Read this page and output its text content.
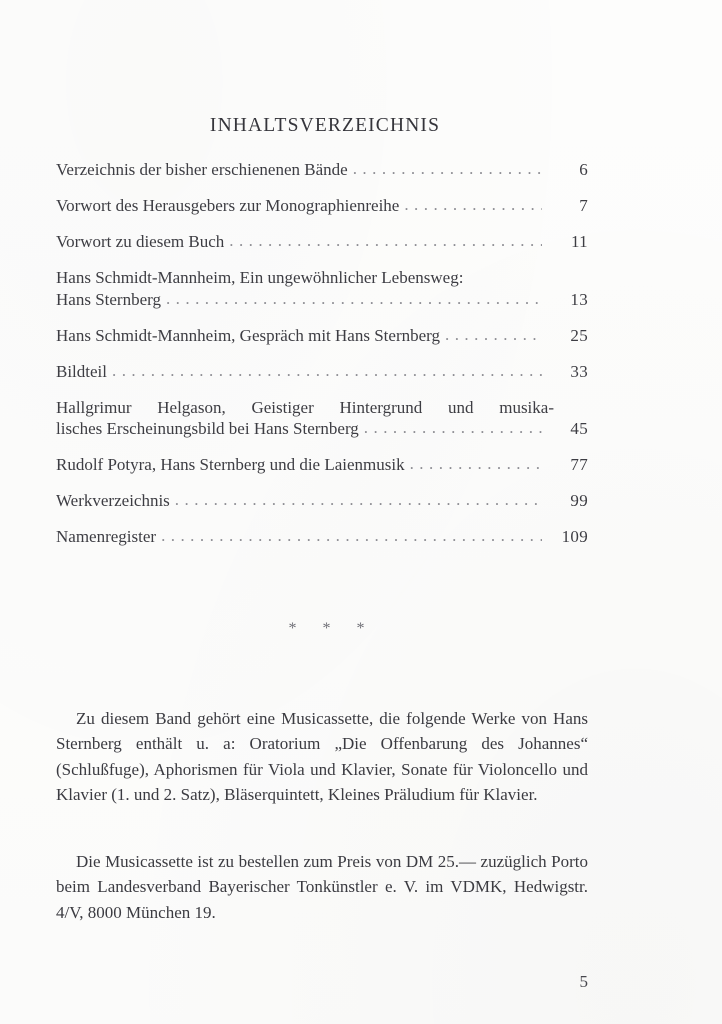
INHALTSVERZEICHNIS
Verzeichnis der bisher erschienenen Bände . . .	6
Vorwort des Herausgebers zur Monographienreihe . . .	7
Vorwort zu diesem Buch . . .	11
Hans Schmidt-Mannheim, Ein ungewöhnlicher Lebensweg:
Hans Sternberg . . .	13
Hans Schmidt-Mannheim, Gespräch mit Hans Sternberg . . .	25
Bildteil . . .	33
Hallgrimur Helgason, Geistiger Hintergrund und musika-
lisches Erscheinungsbild bei Hans Sternberg . . .	45
Rudolf Potyra, Hans Sternberg und die Laienmusik . . .	77
Werkverzeichnis . . .	99
Namenregister . . .	109
* * *

Zu diesem Band gehört eine Musicassette, die folgende Werke von Hans Sternberg enthält u. a: Oratorium „Die Offenbarung des Johannes“ (Schlußfuge), Aphorismen für Viola und Klavier, Sonate für Violoncello und Klavier (1. und 2. Satz), Bläserquintett, Kleines Präludium für Klavier.

Die Musicassette ist zu bestellen zum Preis von DM 25.— zuzüglich Porto beim Landesverband Bayerischer Tonkünstler e. V. im VDMK, Hedwigstr. 4/V, 8000 München 19.

5
